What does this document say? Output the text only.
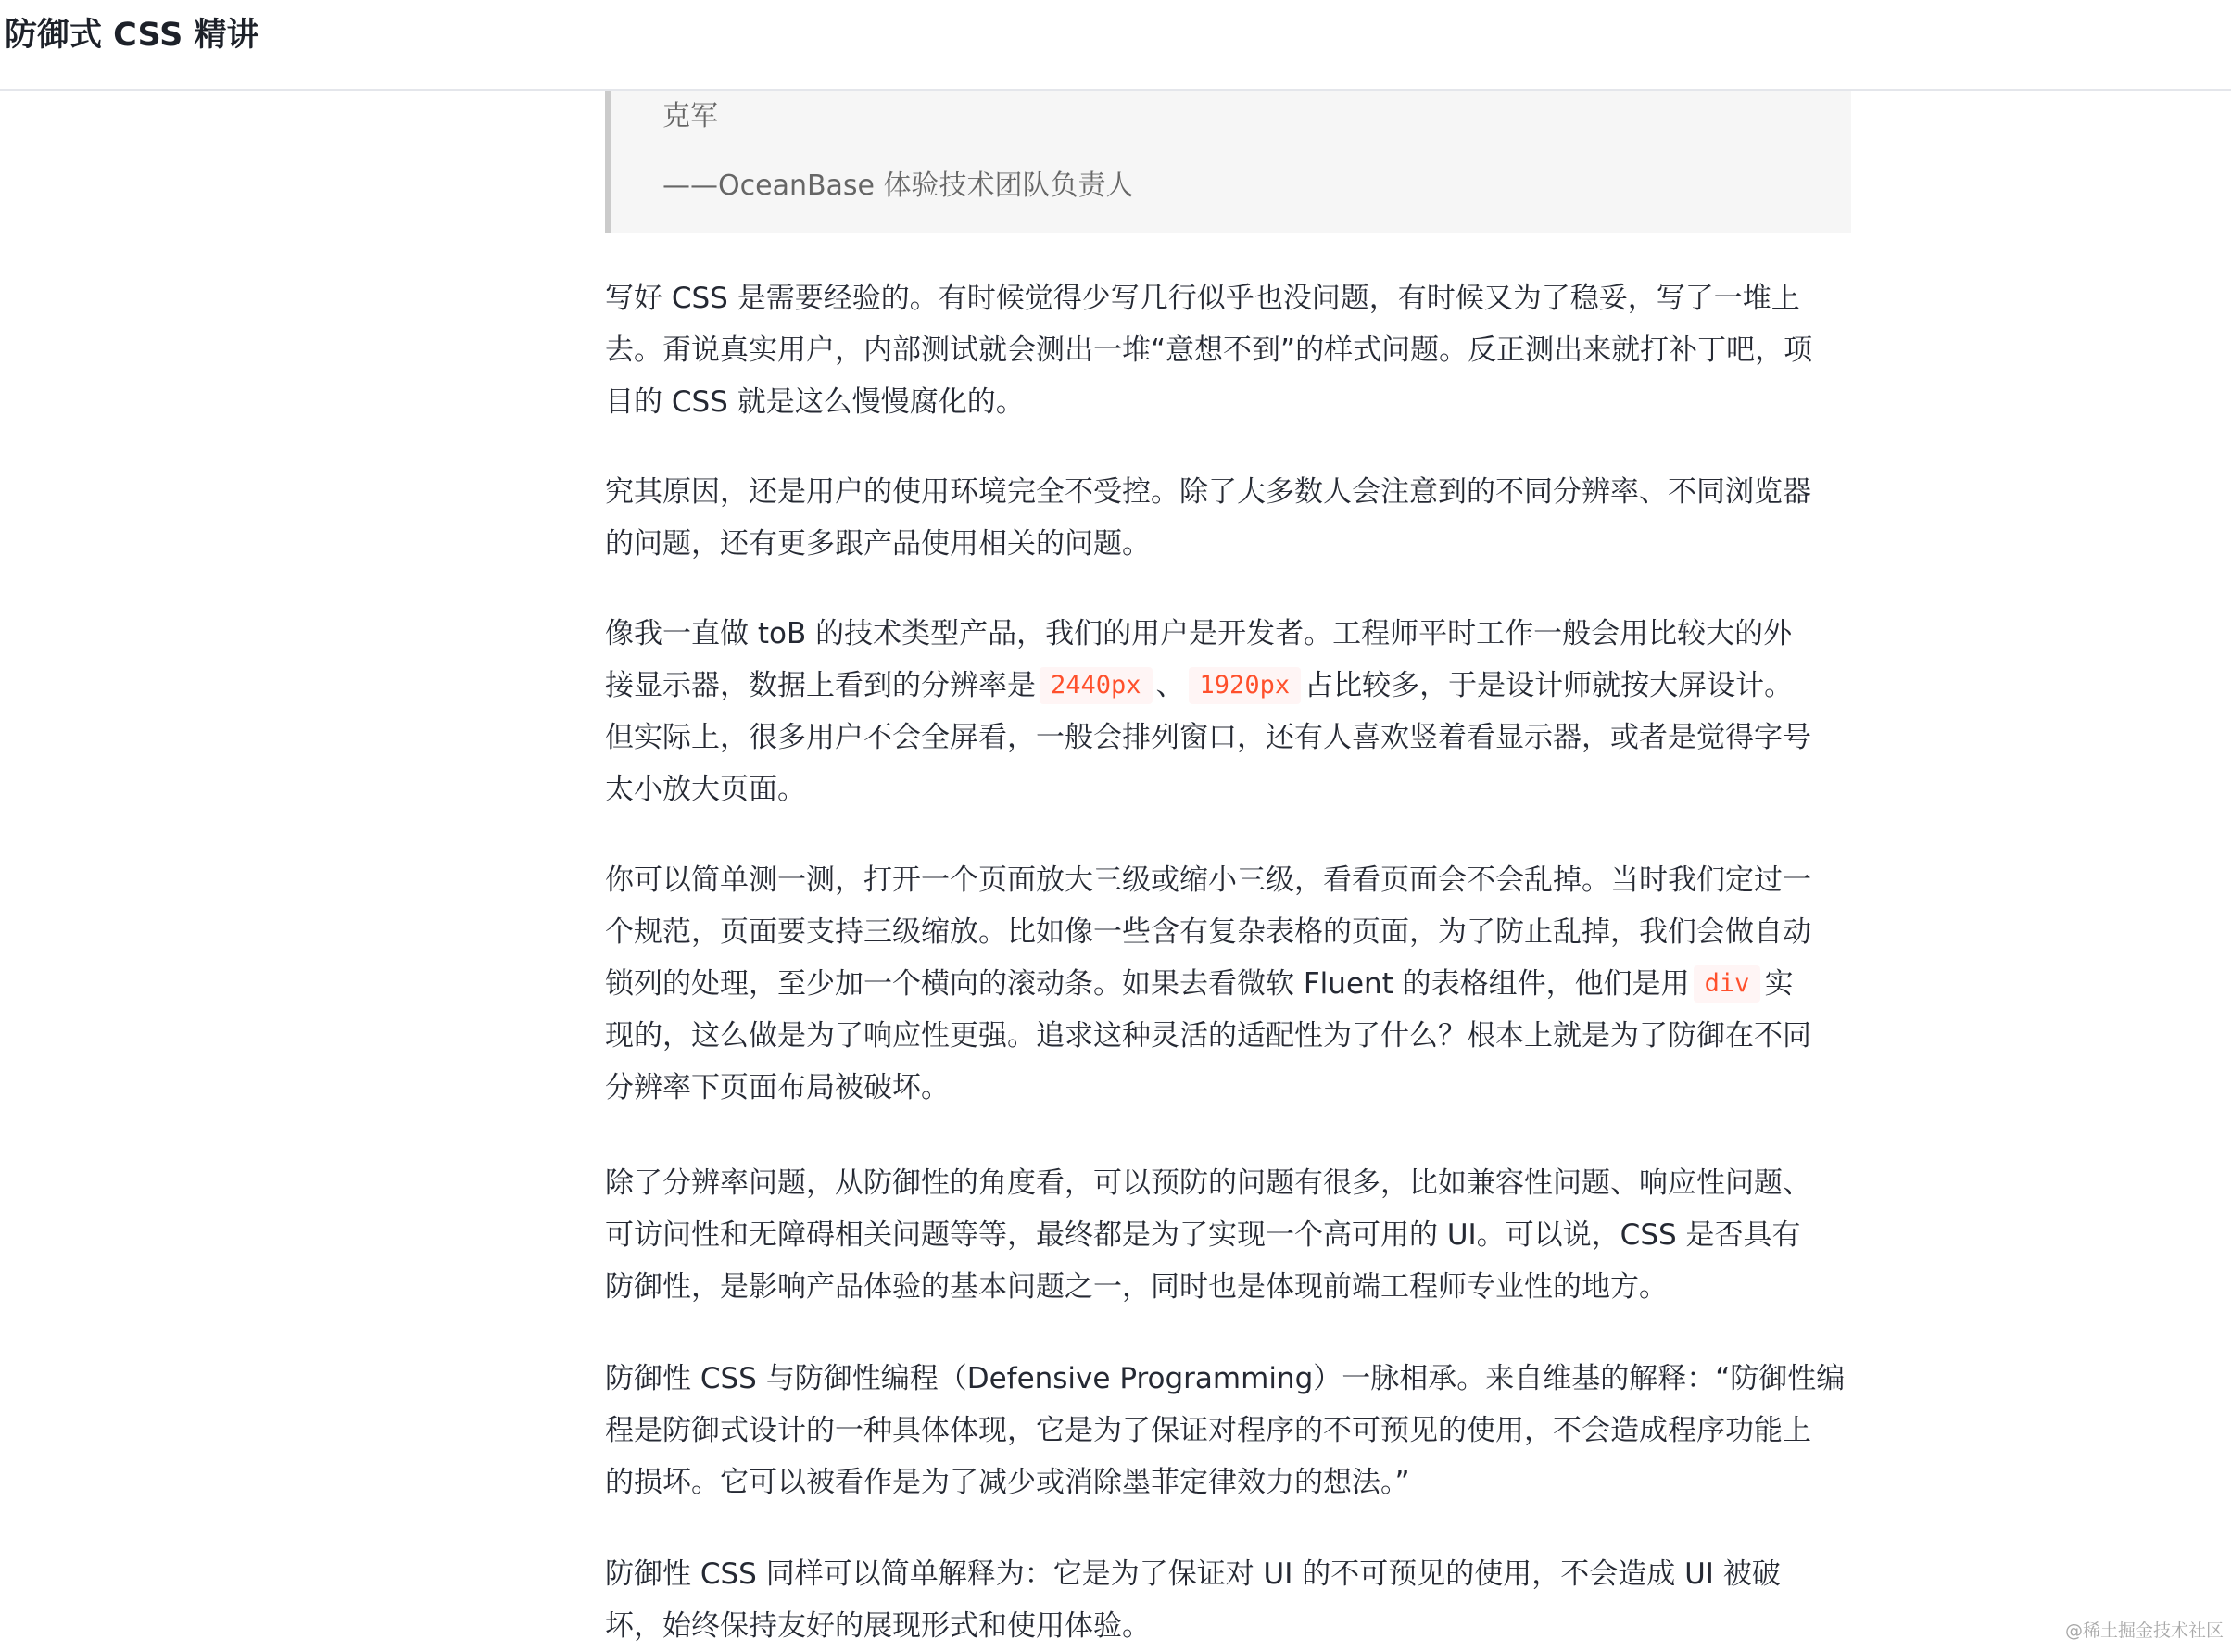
防御式 CSS 精讲
克军
——OceanBase 体验技术团队负责人

写好 CSS 是需要经验的。有时候觉得少写几行似乎也没问题，有时候又为了稳妥，写了一堆上
去。甭说真实用户，内部测试就会测出一堆“意想不到”的样式问题。反正测出来就打补丁吧，项
目的 CSS 就是这么慢慢腐化的。

究其原因，还是用户的使用环境完全不受控。除了大多数人会注意到的不同分辨率、不同浏览器
的问题，还有更多跟产品使用相关的问题。

像我一直做 toB 的技术类型产品，我们的用户是开发者。工程师平时工作一般会用比较大的外
接显示器，数据上看到的分辨率是 2440px 、 1920px 占比较多，于是设计师就按大屏设计。
但实际上，很多用户不会全屏看，一般会排列窗口，还有人喜欢竖着看显示器，或者是觉得字号
太小放大页面。

你可以简单测一测，打开一个页面放大三级或缩小三级，看看页面会不会乱掉。当时我们定过一
个规范，页面要支持三级缩放。比如像一些含有复杂表格的页面，为了防止乱掉，我们会做自动
锁列的处理，至少加一个横向的滚动条。如果去看微软 Fluent 的表格组件，他们是用 div 实
现的，这么做是为了响应性更强。追求这种灵活的适配性为了什么？根本上就是为了防御在不同
分辨率下页面布局被破坏。

除了分辨率问题，从防御性的角度看，可以预防的问题有很多，比如兼容性问题、响应性问题、
可访问性和无障碍相关问题等等，最终都是为了实现一个高可用的 UI。可以说，CSS 是否具有
防御性，是影响产品体验的基本问题之一，同时也是体现前端工程师专业性的地方。

防御性 CSS 与防御性编程（Defensive Programming）一脉相承。来自维基的解释：“防御性编
程是防御式设计的一种具体体现，它是为了保证对程序的不可预见的使用，不会造成程序功能上
的损坏。它可以被看作是为了减少或消除墨菲定律效力的想法。”

防御性 CSS 同样可以简单解释为：它是为了保证对 UI 的不可预见的使用，不会造成 UI 被破
坏，始终保持友好的展现形式和使用体验。	@稀土掘金技术社区
